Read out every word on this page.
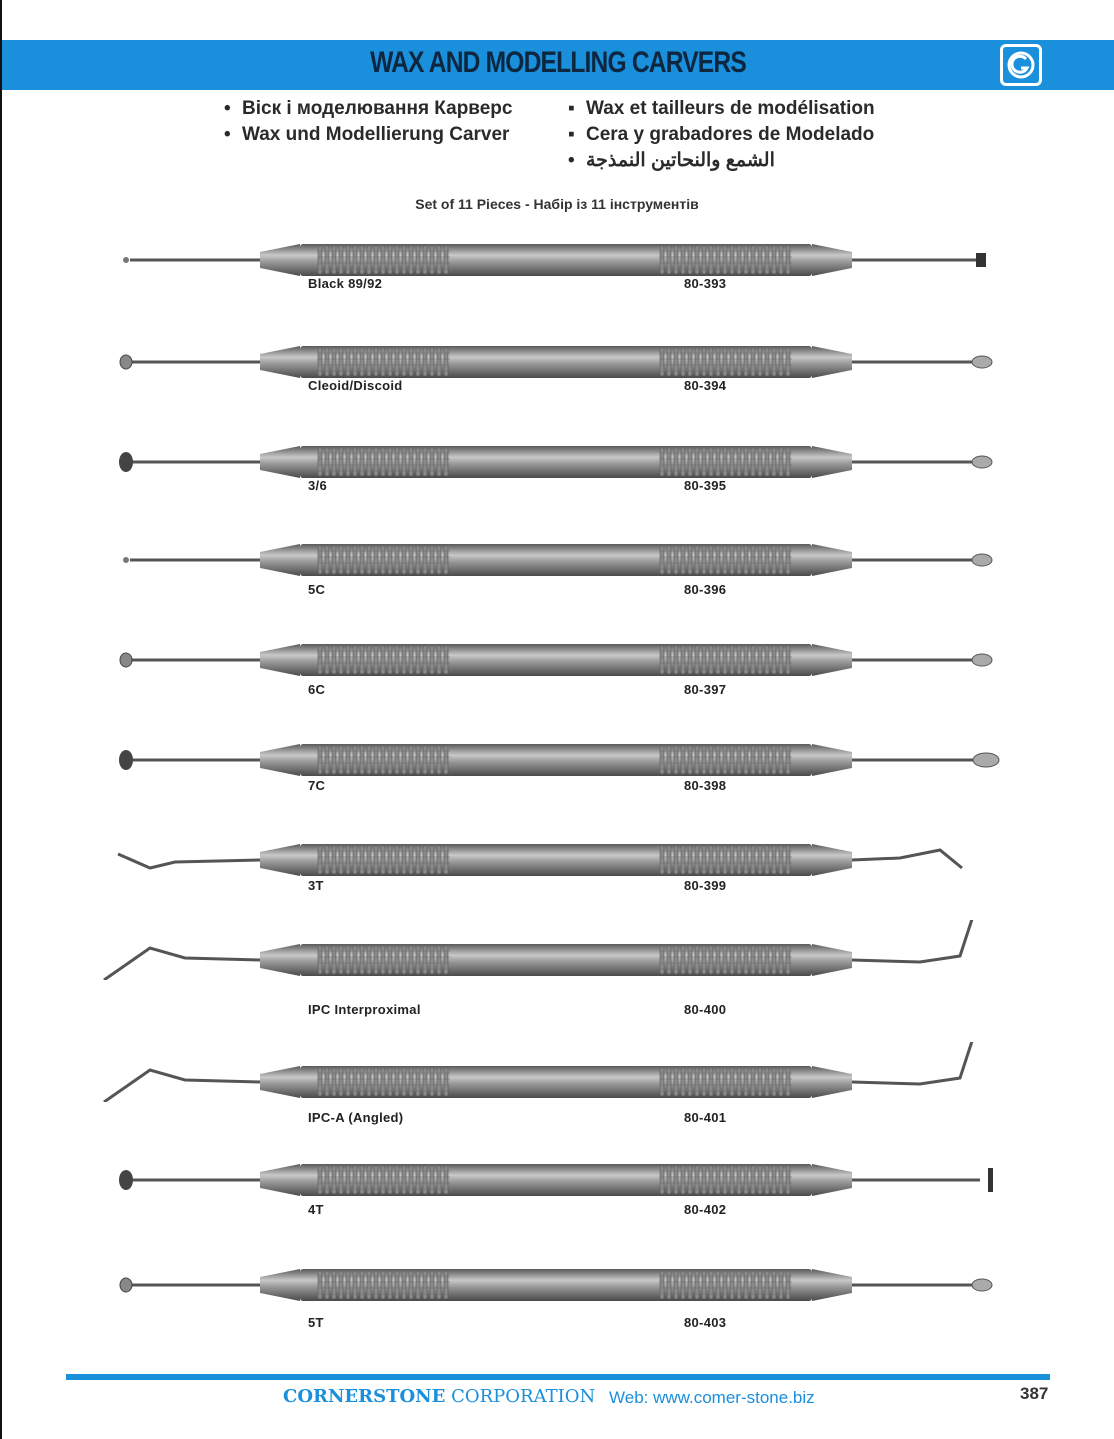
WAX AND MODELLING CARVERS
• Віск і моделювання Карверс
• Wax und Modellierung Carver
▪ Wax et tailleurs de modélisation
▪ Cera y grabadores de Modelado
• الشمع والنحاتين النمذجة
Set of 11 Pieces - Набір із 11 інструментів
Black 89/92	80-393
Cleoid/Discoid	80-394
3/6	80-395
5C	80-396
6C	80-397
7C	80-398
3T	80-399
IPC Interproximal	80-400
IPC-A (Angled)	80-401
4T	80-402
5T	80-403
CORNERSTONE CORPORATION Web: www.comer-stone.biz	387
